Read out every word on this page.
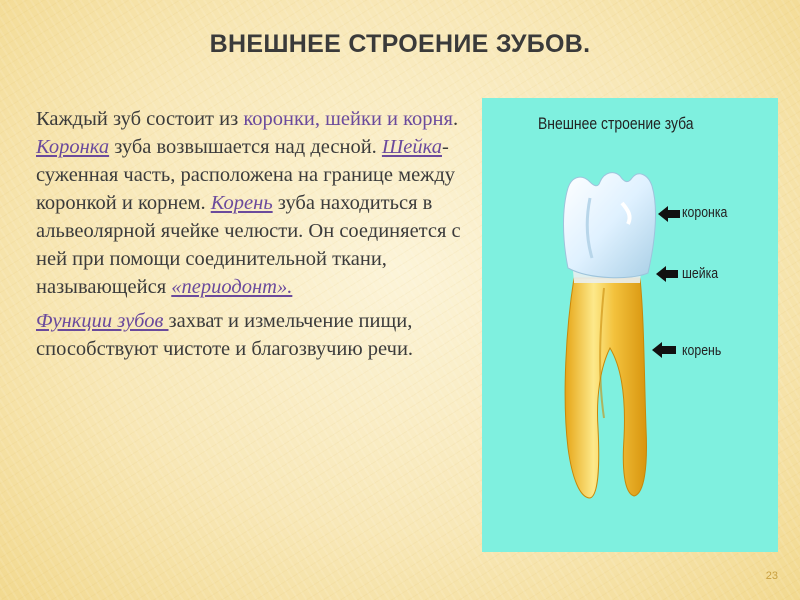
ВНЕШНЕЕ СТРОЕНИЕ ЗУБОВ.

Каждый зуб состоит из коронки, шейки и корня. Коронка зуба возвышается над десной. Шейка- суженная часть, расположена на границе между коронкой и корнем. Корень зуба находиться в альвеолярной ячейке челюсти. Он соединяется с ней при помощи соединительной ткани, называющейся «периодонт».

Функции зубов захват и измельчение пищи, способствуют чистоте и благозвучию речи.

Внешнее строение зуба
коронка
шейка
корень
23
